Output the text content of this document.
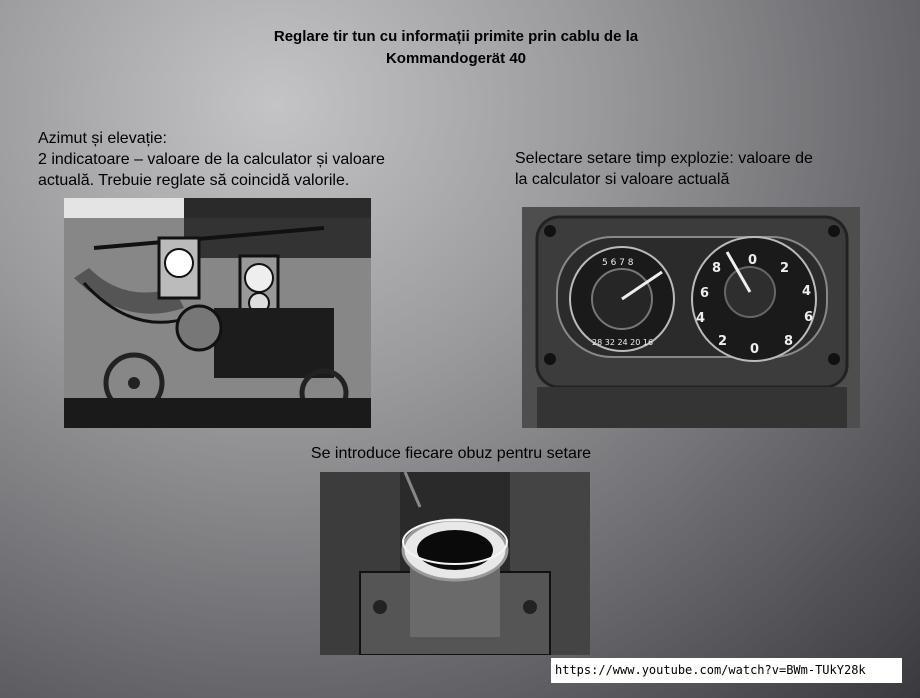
Reglare tir tun cu informații primite prin cablu de la
Kommandogerät 40
Azimut și elevație:
2 indicatoare – valoare de la calculator și valoare
actuală. Trebuie reglate să coincidă valorile.
Selectare setare timp explozie: valoare de
la calculator si valoare actuală
5 6 7 8
28 32 24 20 16
8
0
2
6	4
4	6
2
0
8
Se introduce fiecare obuz pentru setare
https://www.youtube.com/watch?v=BWm-TUkY28k
